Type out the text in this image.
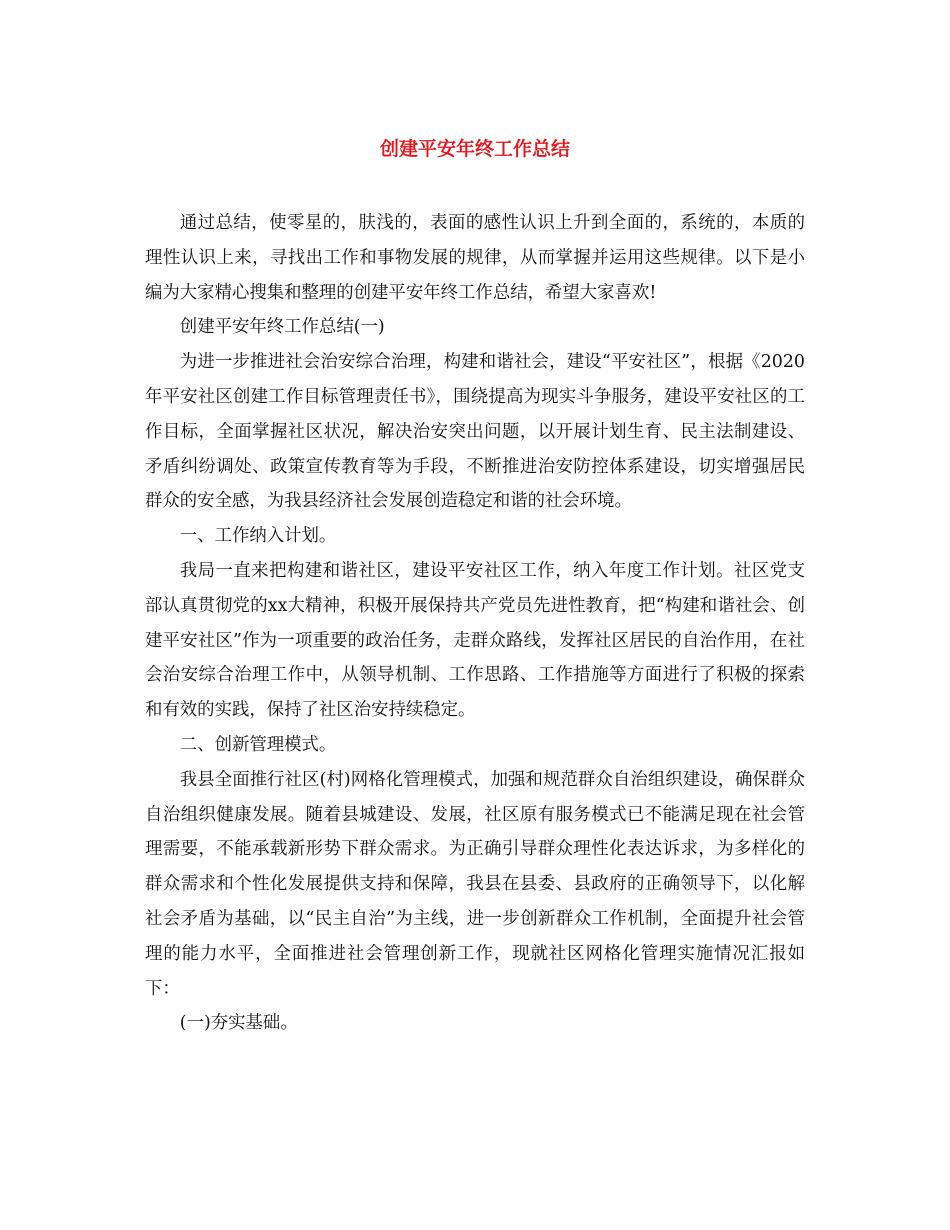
创建平安年终工作总结

通过总结，使零星的，肤浅的，表面的感性认识上升到全面的，系统的，本质的理性认识上来，寻找出工作和事物发展的规律，从而掌握并运用这些规律。以下是小编为大家精心搜集和整理的创建平安年终工作总结，希望大家喜欢!

创建平安年终工作总结(一)

为进一步推进社会治安综合治理，构建和谐社会，建设“平安社区”，根据《2020年平安社区创建工作目标管理责任书》，围绕提高为现实斗争服务，建设平安社区的工作目标，全面掌握社区状况，解决治安突出问题，以开展计划生育、民主法制建设、矛盾纠纷调处、政策宣传教育等为手段，不断推进治安防控体系建设，切实增强居民群众的安全感，为我县经济社会发展创造稳定和谐的社会环境。

一、工作纳入计划。

我局一直来把构建和谐社区，建设平安社区工作，纳入年度工作计划。社区党支部认真贯彻党的xx大精神，积极开展保持共产党员先进性教育，把“构建和谐社会、创建平安社区”作为一项重要的政治任务，走群众路线，发挥社区居民的自治作用，在社会治安综合治理工作中，从领导机制、工作思路、工作措施等方面进行了积极的探索和有效的实践，保持了社区治安持续稳定。

二、创新管理模式。

我县全面推行社区(村)网格化管理模式，加强和规范群众自治组织建设，确保群众自治组织健康发展。随着县城建设、发展，社区原有服务模式已不能满足现在社会管理需要，不能承载新形势下群众需求。为正确引导群众理性化表达诉求，为多样化的群众需求和个性化发展提供支持和保障，我县在县委、县政府的正确领导下，以化解社会矛盾为基础，以“民主自治”为主线，进一步创新群众工作机制，全面提升社会管理的能力水平，全面推进社会管理创新工作，现就社区网格化管理实施情况汇报如下：

(一)夯实基础。
